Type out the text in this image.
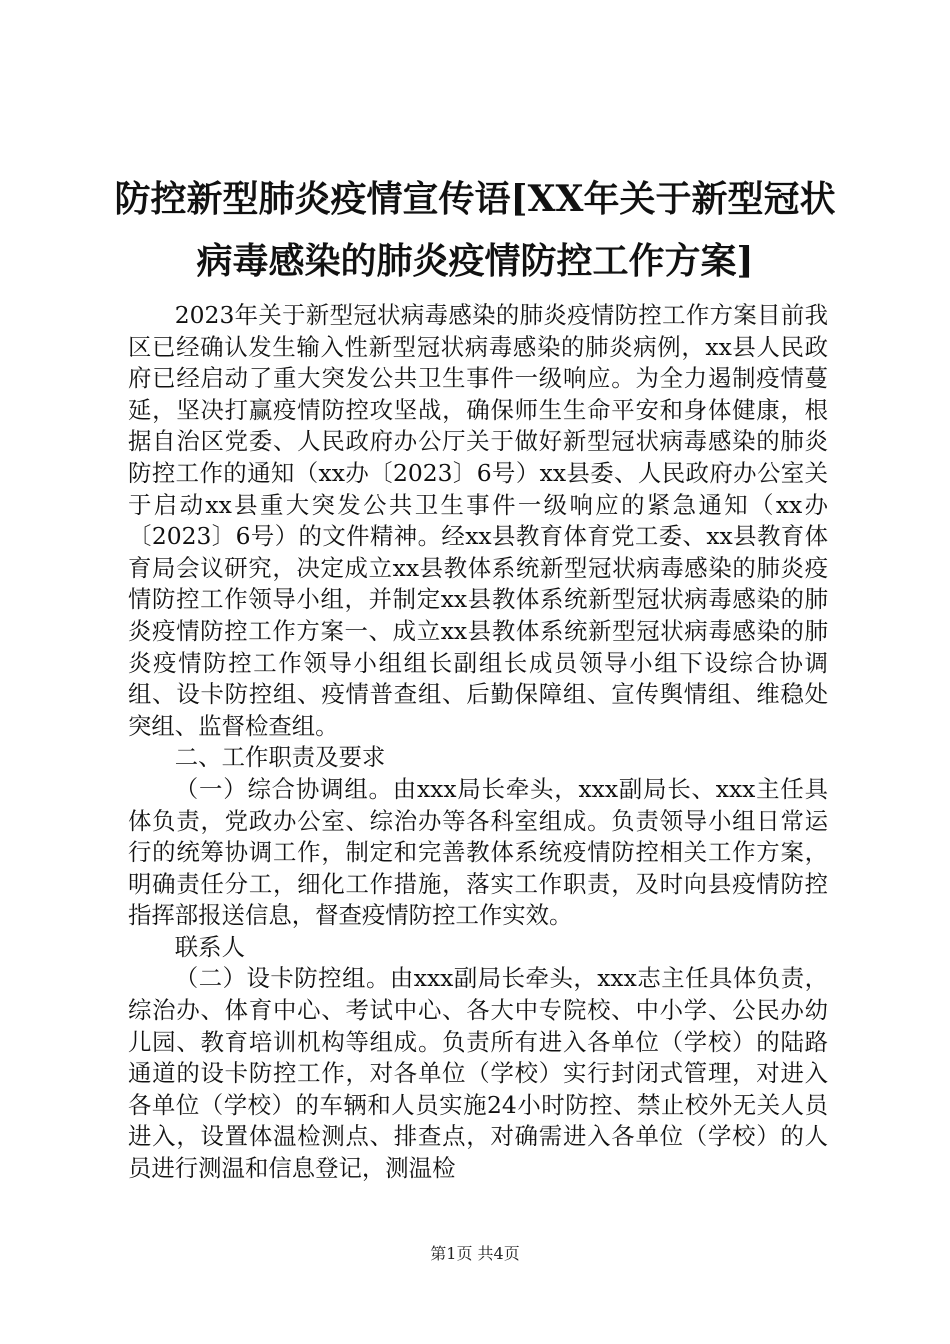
防控新型肺炎疫情宣传语[XX年关于新型冠状
病毒感染的肺炎疫情防控工作方案]

2023年关于新型冠状病毒感染的肺炎疫情防控工作方案目前我区已经确认发生输入性新型冠状病毒感染的肺炎病例，xx县人民政府已经启动了重大突发公共卫生事件一级响应。为全力遏制疫情蔓延，坚决打赢疫情防控攻坚战，确保师生生命平安和身体健康，根据自治区党委、人民政府办公厅关于做好新型冠状病毒感染的肺炎防控工作的通知（xx办〔2023〕6号）xx县委、人民政府办公室关于启动xx县重大突发公共卫生事件一级响应的紧急通知（xx办〔2023〕6号）的文件精神。经xx县教育体育党工委、xx县教育体育局会议研究，决定成立xx县教体系统新型冠状病毒感染的肺炎疫情防控工作领导小组，并制定xx县教体系统新型冠状病毒感染的肺炎疫情防控工作方案一、成立xx县教体系统新型冠状病毒感染的肺炎疫情防控工作领导小组组长副组长成员领导小组下设综合协调组、设卡防控组、疫情普查组、后勤保障组、宣传舆情组、维稳处突组、监督检查组。

二、工作职责及要求

（一）综合协调组。由xxx局长牵头，xxx副局长、xxx主任具体负责，党政办公室、综治办等各科室组成。负责领导小组日常运行的统筹协调工作，制定和完善教体系统疫情防控相关工作方案，明确责任分工，细化工作措施，落实工作职责，及时向县疫情防控指挥部报送信息，督查疫情防控工作实效。

联系人

（二）设卡防控组。由xxx副局长牵头，xxx志主任具体负责，综治办、体育中心、考试中心、各大中专院校、中小学、公民办幼儿园、教育培训机构等组成。负责所有进入各单位（学校）的陆路通道的设卡防控工作，对各单位（学校）实行封闭式管理，对进入各单位（学校）的车辆和人员实施24小时防控、禁止校外无关人员进入，设置体温检测点、排查点，对确需进入各单位（学校）的人员进行测温和信息登记，测温检

第1页 共4页
